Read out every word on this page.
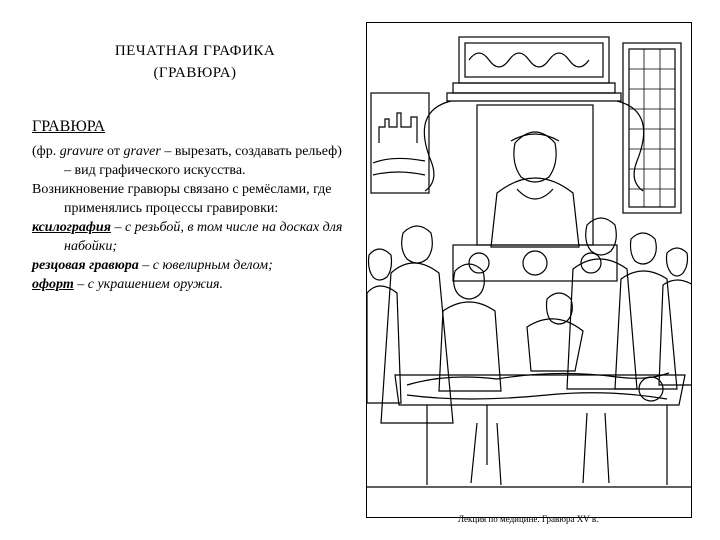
ПЕЧАТНАЯ ГРАФИКА
(ГРАВЮРА)
ГРАВЮРА

(фр. gravure от graver – вырезать, создавать рельеф) – вид графического искусства.

Возникновение гравюры связано с ремёслами, где применялись процессы гравировки:

ксилография – с резьбой, в том числе на досках для набойки;

резцовая гравюра – с ювелирным делом;

офорт – с украшением оружия.

Лекция по медицине. Гравюра XV в.
